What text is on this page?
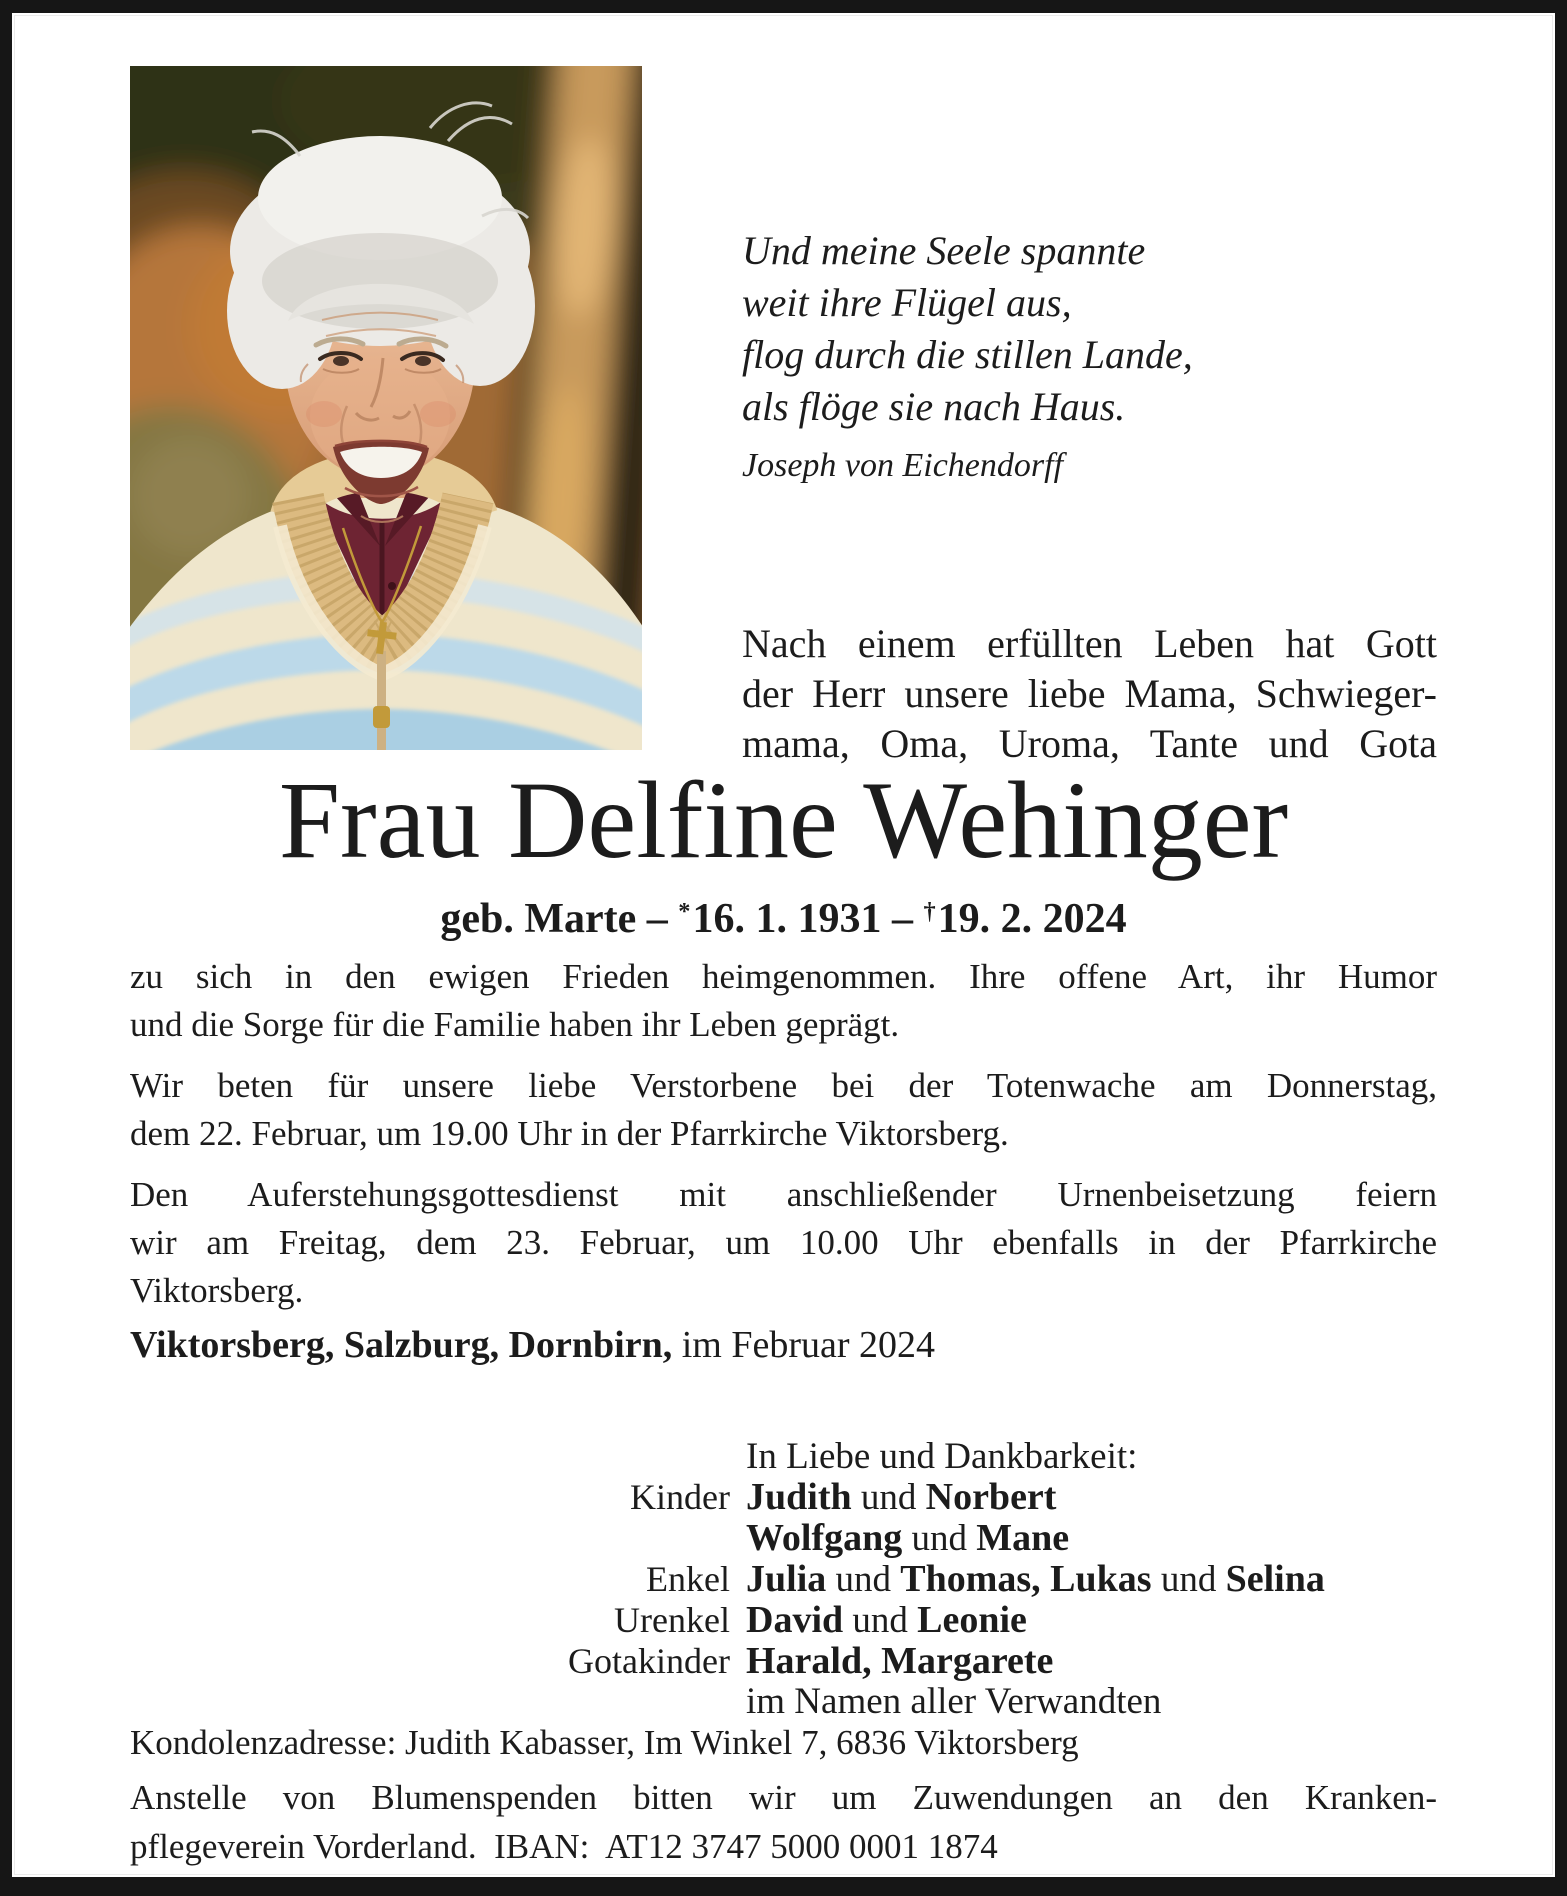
Und meine Seele spannte
weit ihre Flügel aus,
flog durch die stillen Lande,
als flöge sie nach Haus.
Joseph von Eichendorff
Nach einem erfüllten Leben hat Gott
der Herr unsere liebe Mama, Schwieger-
mama, Oma, Uroma, Tante und Gota
Frau Delfine Wehinger
geb. Marte – *16. 1. 1931 – †19. 2. 2024
zu sich in den ewigen Frieden heimgenommen. Ihre offene Art, ihr Humor
und die Sorge für die Familie haben ihr Leben geprägt.
Wir beten für unsere liebe Verstorbene bei der Totenwache am Donnerstag,
dem 22. Februar, um 19.00 Uhr in der Pfarrkirche Viktorsberg.
Den Auferstehungsgottesdienst mit anschließender Urnenbeisetzung feiern
wir am Freitag, dem 23. Februar, um 10.00 Uhr ebenfalls in der Pfarrkirche
Viktorsberg.
Viktorsberg, Salzburg, Dornbirn, im Februar 2024
In Liebe und Dankbarkeit:
Kinder Judith und Norbert
Wolfgang und Mane
Enkel Julia und Thomas, Lukas und Selina
Urenkel David und Leonie
Gotakinder Harald, Margarete
im Namen aller Verwandten
Kondolenzadresse: Judith Kabasser, Im Winkel 7, 6836 Viktorsberg
Anstelle von Blumenspenden bitten wir um Zuwendungen an den Kranken-
pflegeverein Vorderland.  IBAN:  AT12 3747 5000 0001 1874
